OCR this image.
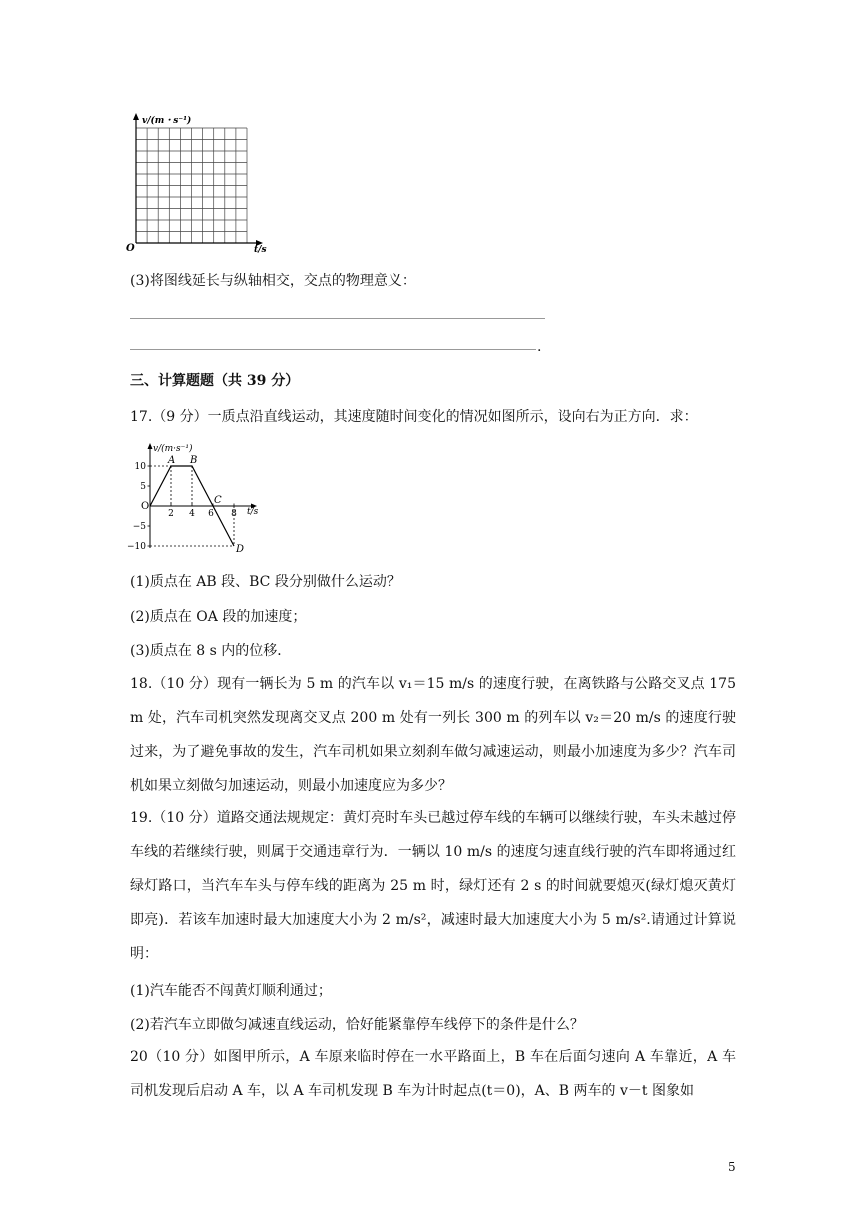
v/(m・s⁻¹)
O	t/s
(3)将图线延长与纵轴相交，交点的物理意义：
.
三、计算题题（共 39 分）
17.（9 分）一质点沿直线运动，其速度随时间变化的情况如图所示，设向右为正方向．求：
v/(m·s⁻¹)
t/s
10
5
−5
−10
2 4 6 8
O
A B
C
D
(1)质点在 AB 段、BC 段分别做什么运动？
(2)质点在 OA 段的加速度；
(3)质点在 8 s 内的位移．
18.（10 分）现有一辆长为 5 m 的汽车以 v₁＝15 m/s 的速度行驶，在离铁路与公路交叉点 175 m 处，汽车司机突然发现离交叉点 200 m 处有一列长 300 m 的列车以 v₂＝20 m/s 的速度行驶过来，为了避免事故的发生，汽车司机如果立刻刹车做匀减速运动，则最小加速度为多少？汽车司机如果立刻做匀加速运动，则最小加速度应为多少？
19.（10 分）道路交通法规规定：黄灯亮时车头已越过停车线的车辆可以继续行驶，车头未越过停车线的若继续行驶，则属于交通违章行为．一辆以 10 m/s 的速度匀速直线行驶的汽车即将通过红绿灯路口，当汽车车头与停车线的距离为 25 m 时，绿灯还有 2 s 的时间就要熄灭(绿灯熄灭黄灯即亮)．若该车加速时最大加速度大小为 2 m/s²，减速时最大加速度大小为 5 m/s².请通过计算说明：
(1)汽车能否不闯黄灯顺利通过；
(2)若汽车立即做匀减速直线运动，恰好能紧靠停车线停下的条件是什么？
20（10 分）如图甲所示，A 车原来临时停在一水平路面上，B 车在后面匀速向 A 车靠近，A 车司机发现后启动 A 车，以 A 车司机发现 B 车为计时起点(t＝0)，A、B 两车的 v－t 图象如
5
